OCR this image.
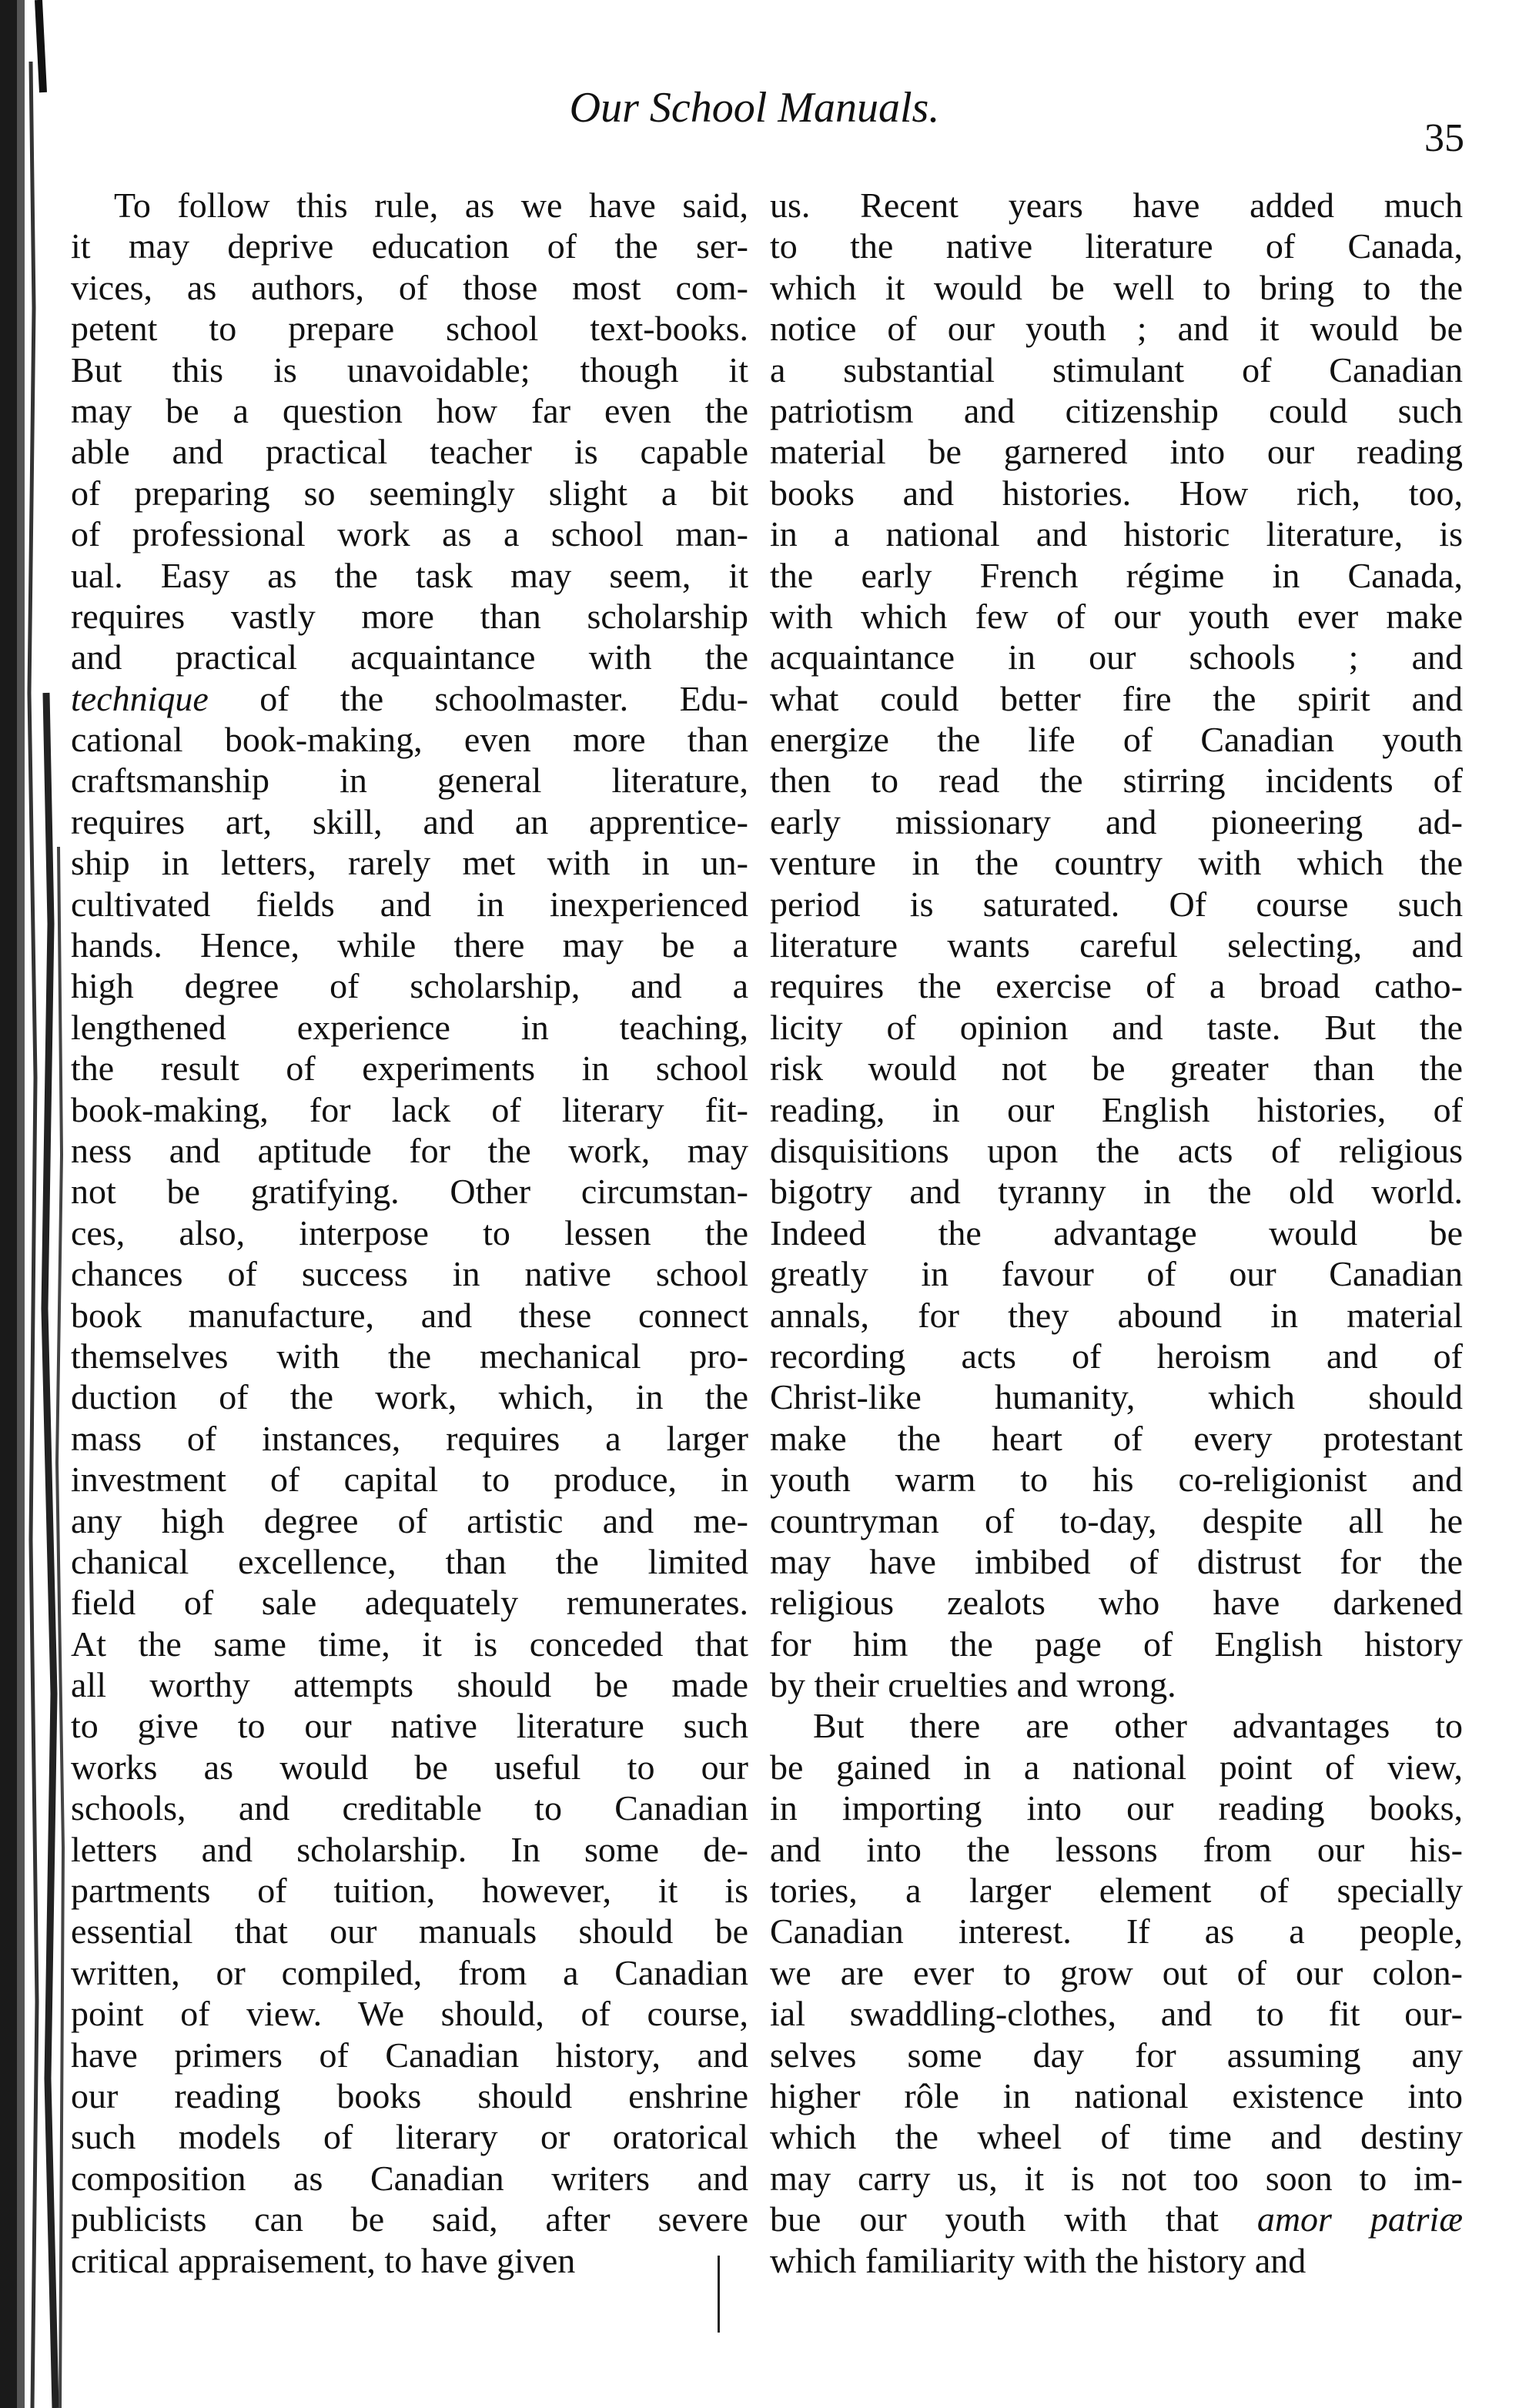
Our School Manuals.
35
To follow this rule, as we have said,
it may deprive education of the ser-
vices, as authors, of those most com-
petent to prepare school text-books.
But this is unavoidable; though it
may be a question how far even the
able and practical teacher is capable
of preparing so seemingly slight a bit
of professional work as a school man-
ual. Easy as the task may seem, it
requires vastly more than scholarship
and practical acquaintance with the
technique of the schoolmaster. Edu-
cational book-making, even more than
craftsmanship in general literature,
requires art, skill, and an apprentice-
ship in letters, rarely met with in un-
cultivated fields and in inexperienced
hands. Hence, while there may be a
high degree of scholarship, and a
lengthened experience in teaching,
the result of experiments in school
book-making, for lack of literary fit-
ness and aptitude for the work, may
not be gratifying. Other circumstan-
ces, also, interpose to lessen the
chances of success in native school
book manufacture, and these connect
themselves with the mechanical pro-
duction of the work, which, in the
mass of instances, requires a larger
investment of capital to produce, in
any high degree of artistic and me-
chanical excellence, than the limited
field of sale adequately remunerates.
At the same time, it is conceded that
all worthy attempts should be made
to give to our native literature such
works as would be useful to our
schools, and creditable to Canadian
letters and scholarship. In some de-
partments of tuition, however, it is
essential that our manuals should be
written, or compiled, from a Canadian
point of view. We should, of course,
have primers of Canadian history, and
our reading books should enshrine
such models of literary or oratorical
composition as Canadian writers and
publicists can be said, after severe
critical appraisement, to have given
us. Recent years have added much
to the native literature of Canada,
which it would be well to bring to the
notice of our youth ; and it would be
a substantial stimulant of Canadian
patriotism and citizenship could such
material be garnered into our reading
books and histories. How rich, too,
in a national and historic literature, is
the early French régime in Canada,
with which few of our youth ever make
acquaintance in our schools ; and
what could better fire the spirit and
energize the life of Canadian youth
then to read the stirring incidents of
early missionary and pioneering ad-
venture in the country with which the
period is saturated. Of course such
literature wants careful selecting, and
requires the exercise of a broad catho-
licity of opinion and taste. But the
risk would not be greater than the
reading, in our English histories, of
disquisitions upon the acts of religious
bigotry and tyranny in the old world.
Indeed the advantage would be
greatly in favour of our Canadian
annals, for they abound in material
recording acts of heroism and of
Christ-like humanity, which should
make the heart of every protestant
youth warm to his co-religionist and
countryman of to-day, despite all he
may have imbibed of distrust for the
religious zealots who have darkened
for him the page of English history
by their cruelties and wrong.
But there are other advantages to
be gained in a national point of view,
in importing into our reading books,
and into the lessons from our his-
tories, a larger element of specially
Canadian interest. If as a people,
we are ever to grow out of our colon-
ial swaddling-clothes, and to fit our-
selves some day for assuming any
higher rôle in national existence into
which the wheel of time and destiny
may carry us, it is not too soon to im-
bue our youth with that amor patriæ
which familiarity with the history and
